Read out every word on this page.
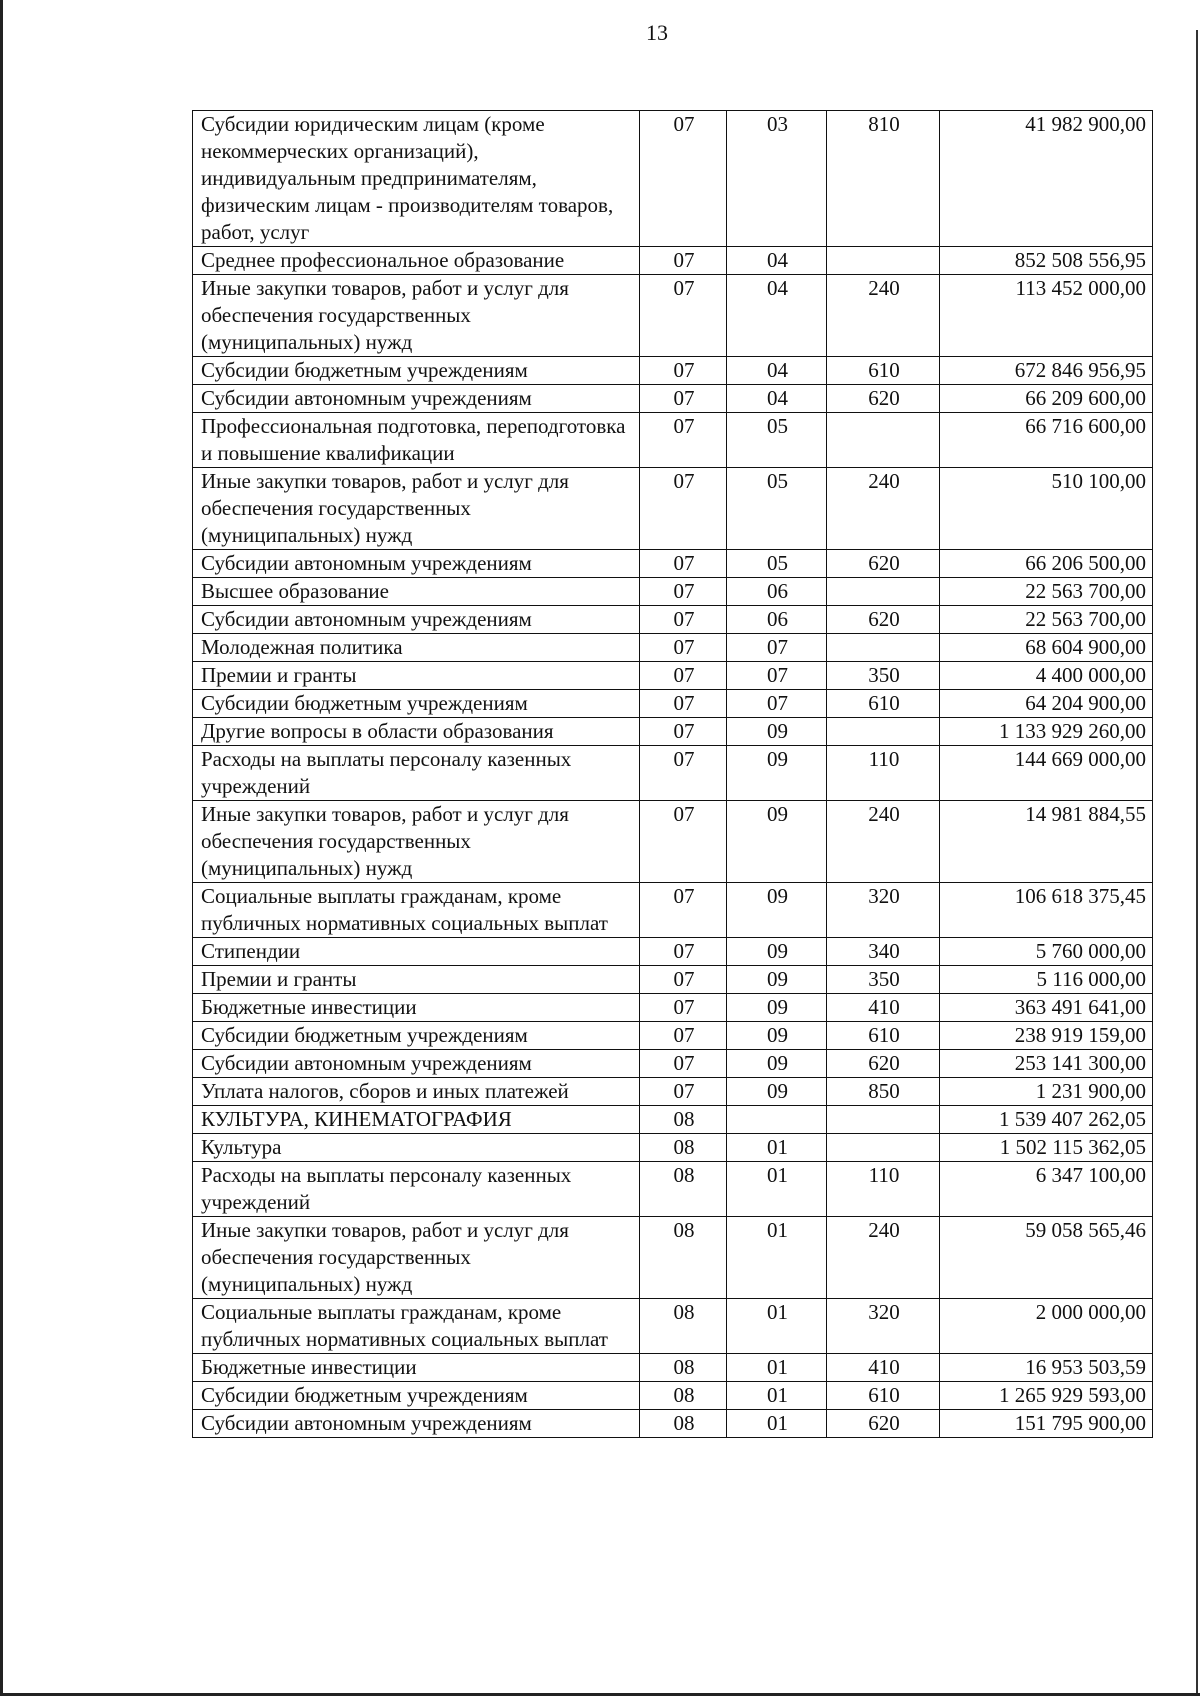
13
Субсидии юридическим лицам (кроме некоммерческих организаций), индивидуальным предпринимателям, физическим лицам - производителям товаров, работ, услуг	07	03	810	41 982 900,00
Среднее профессиональное образование	07	04		852 508 556,95
Иные закупки товаров, работ и услуг для обеспечения государственных (муниципальных) нужд	07	04	240	113 452 000,00
Субсидии бюджетным учреждениям	07	04	610	672 846 956,95
Субсидии автономным учреждениям	07	04	620	66 209 600,00
Профессиональная подготовка, переподготовка и повышение квалификации	07	05		66 716 600,00
Иные закупки товаров, работ и услуг для обеспечения государственных (муниципальных) нужд	07	05	240	510 100,00
Субсидии автономным учреждениям	07	05	620	66 206 500,00
Высшее образование	07	06		22 563 700,00
Субсидии автономным учреждениям	07	06	620	22 563 700,00
Молодежная политика	07	07		68 604 900,00
Премии и гранты	07	07	350	4 400 000,00
Субсидии бюджетным учреждениям	07	07	610	64 204 900,00
Другие вопросы в области образования	07	09		1 133 929 260,00
Расходы на выплаты персоналу казенных учреждений	07	09	110	144 669 000,00
Иные закупки товаров, работ и услуг для обеспечения государственных (муниципальных) нужд	07	09	240	14 981 884,55
Социальные выплаты гражданам, кроме публичных нормативных социальных выплат	07	09	320	106 618 375,45
Стипендии	07	09	340	5 760 000,00
Премии и гранты	07	09	350	5 116 000,00
Бюджетные инвестиции	07	09	410	363 491 641,00
Субсидии бюджетным учреждениям	07	09	610	238 919 159,00
Субсидии автономным учреждениям	07	09	620	253 141 300,00
Уплата налогов, сборов и иных платежей	07	09	850	1 231 900,00
КУЛЬТУРА, КИНЕМАТОГРАФИЯ	08			1 539 407 262,05
Культура	08	01		1 502 115 362,05
Расходы на выплаты персоналу казенных учреждений	08	01	110	6 347 100,00
Иные закупки товаров, работ и услуг для обеспечения государственных (муниципальных) нужд	08	01	240	59 058 565,46
Социальные выплаты гражданам, кроме публичных нормативных социальных выплат	08	01	320	2 000 000,00
Бюджетные инвестиции	08	01	410	16 953 503,59
Субсидии бюджетным учреждениям	08	01	610	1 265 929 593,00
Субсидии автономным учреждениям	08	01	620	151 795 900,00
